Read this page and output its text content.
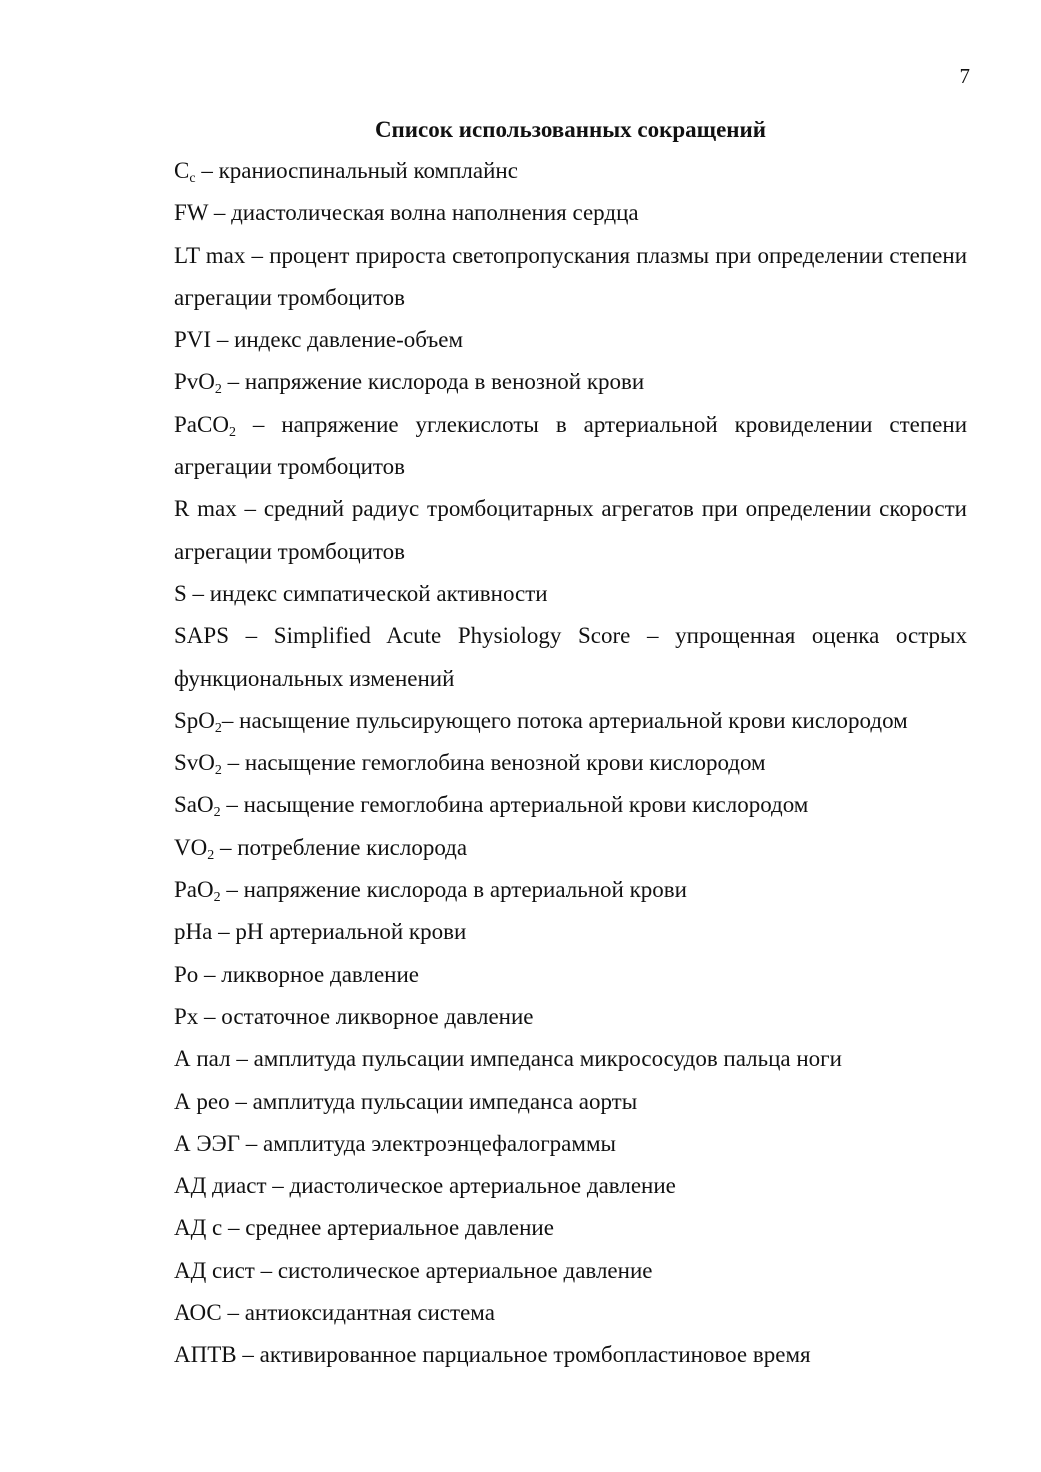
7
Список использованных сокращений
$C_c$ – краниоспинальный комплайнс
FW – диастолическая волна наполнения сердца
LT max – процент прироста светопропускания плазмы при определении степени агрегации тромбоцитов
PVI – индекс давление-объем
PvO$_2$ – напряжение кислорода в венозной крови
PaCO$_2$ – напряжение углекислоты в артериальной кровиделении степени агрегации тромбоцитов
R max – средний радиус тромбоцитарных агрегатов при определении скорости агрегации тромбоцитов
S – индекс симпатической активности
SAPS – Simplified Acute Physiology Score – упрощенная оценка острых функциональных изменений
SpO$_2$– насыщение пульсирующего потока артериальной крови кислородом
SvO$_2$ – насыщение гемоглобина венозной крови кислородом
SaO$_2$ – насыщение гемоглобина артериальной крови кислородом
$VO_2$ – потребление кислорода
PaO$_2$ – напряжение кислорода в артериальной крови
pHa – pH артериальной крови
Po – ликворное давление
Px – остаточное ликворное давление
А пал – амплитуда пульсации импеданса микрососудов пальца ноги
А рео – амплитуда пульсации импеданса аорты
А ЭЭГ – амплитуда электроэнцефалограммы
АД диаст – диастолическое артериальное давление
АД с – среднее артериальное давление
АД сист – систолическое артериальное давление
АОС – антиоксидантная система
АПТВ – активированное парциальное тромбопластиновое время
